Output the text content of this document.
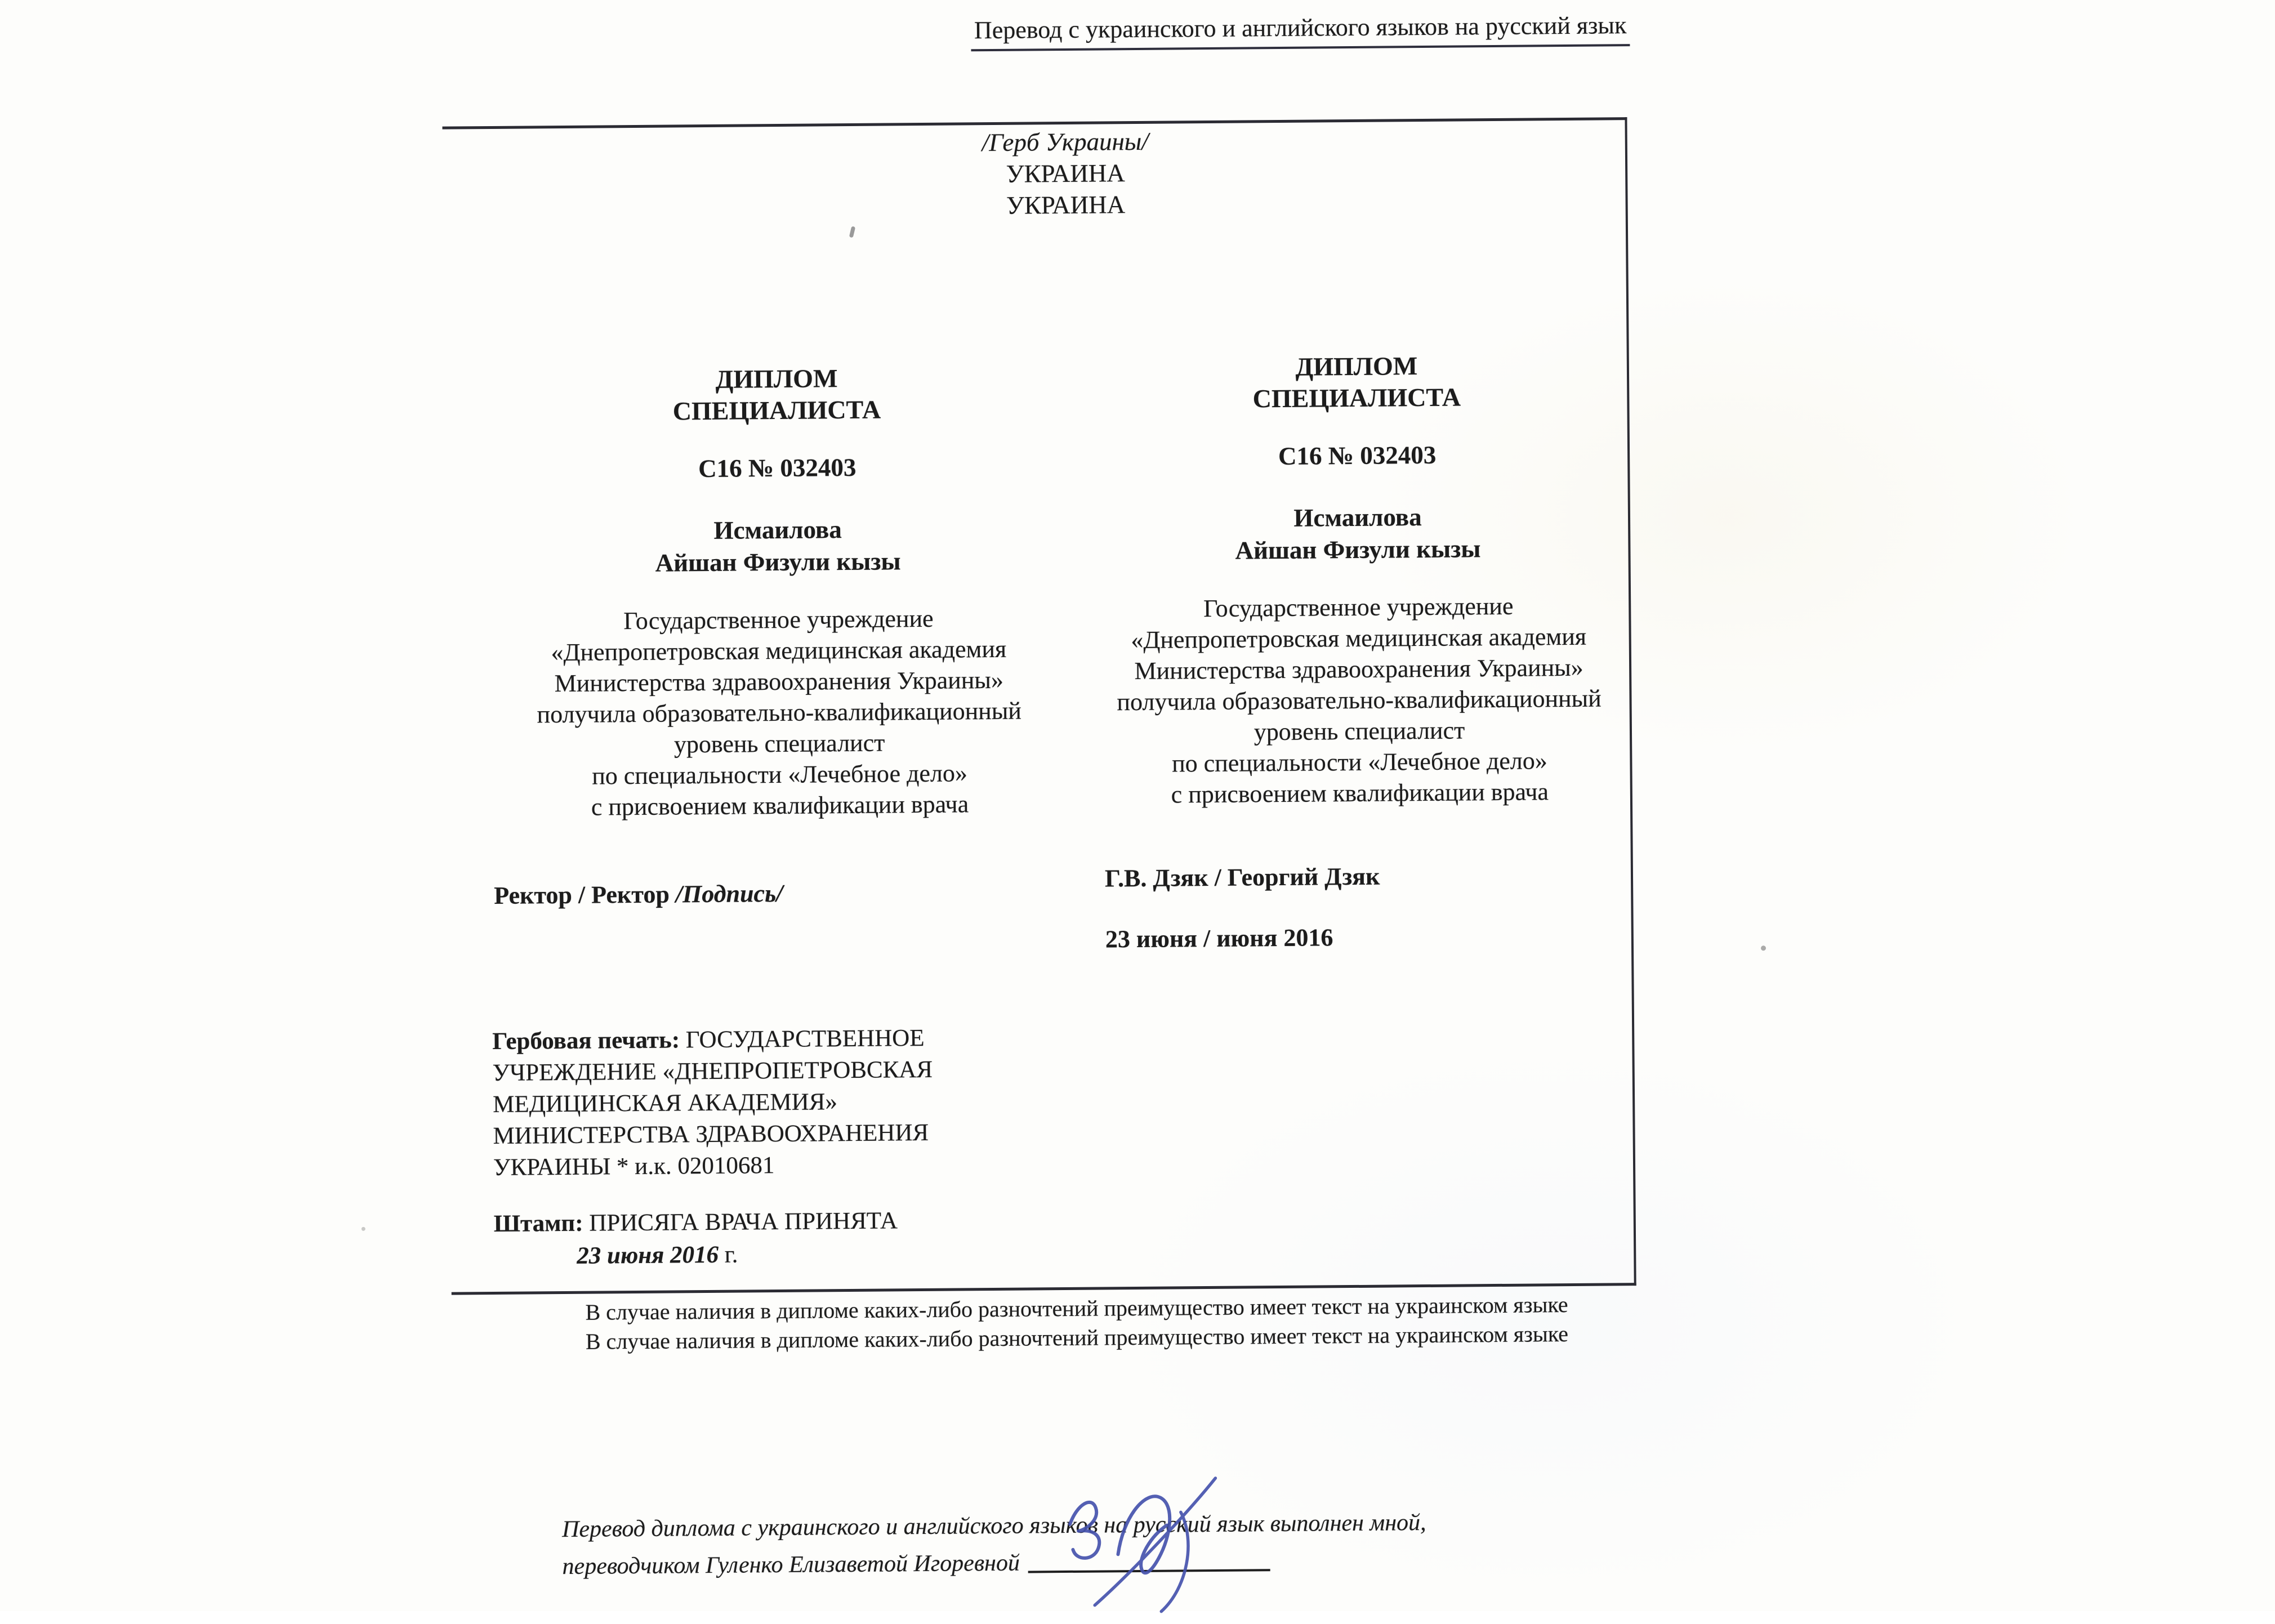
Перевод с украинского и английского языков на русский язык
/Герб Украины/
УКРАИНА
УКРАИНА
ДИПЛОМ
СПЕЦИАЛИСТА
С16 № 032403
Исмаилова
Айшан Физули кызы
Государственное учреждение
«Днепропетровская медицинская академия
Министерства здравоохранения Украины»
получила образовательно-квалификационный
уровень специалист
по специальности «Лечебное дело»
с присвоением квалификации врача
Ректор / Ректор /Подпись/
Гербовая печать: ГОСУДАРСТВЕННОЕ
УЧРЕЖДЕНИЕ «ДНЕПРОПЕТРОВСКАЯ
МЕДИЦИНСКАЯ АКАДЕМИЯ»
МИНИСТЕРСТВА ЗДРАВООХРАНЕНИЯ
УКРАИНЫ * и.к. 02010681
Штамп: ПРИСЯГА ВРАЧА ПРИНЯТА
23 июня 2016 г.
ДИПЛОМ
СПЕЦИАЛИСТА
С16 № 032403
Исмаилова
Айшан Физули кызы
Государственное учреждение
«Днепропетровская медицинская академия
Министерства здравоохранения Украины»
получила образовательно-квалификационный
уровень специалист
по специальности «Лечебное дело»
с присвоением квалификации врача
Г.В. Дзяк / Георгий Дзяк
23 июня / июня 2016
В случае наличия в дипломе каких-либо разночтений преимущество имеет текст на украинском языке
В случае наличия в дипломе каких-либо разночтений преимущество имеет текст на украинском языке
Перевод диплома с украинского и английского языков на русский язык выполнен мной,
переводчиком Гуленко Елизаветой Игоревной
